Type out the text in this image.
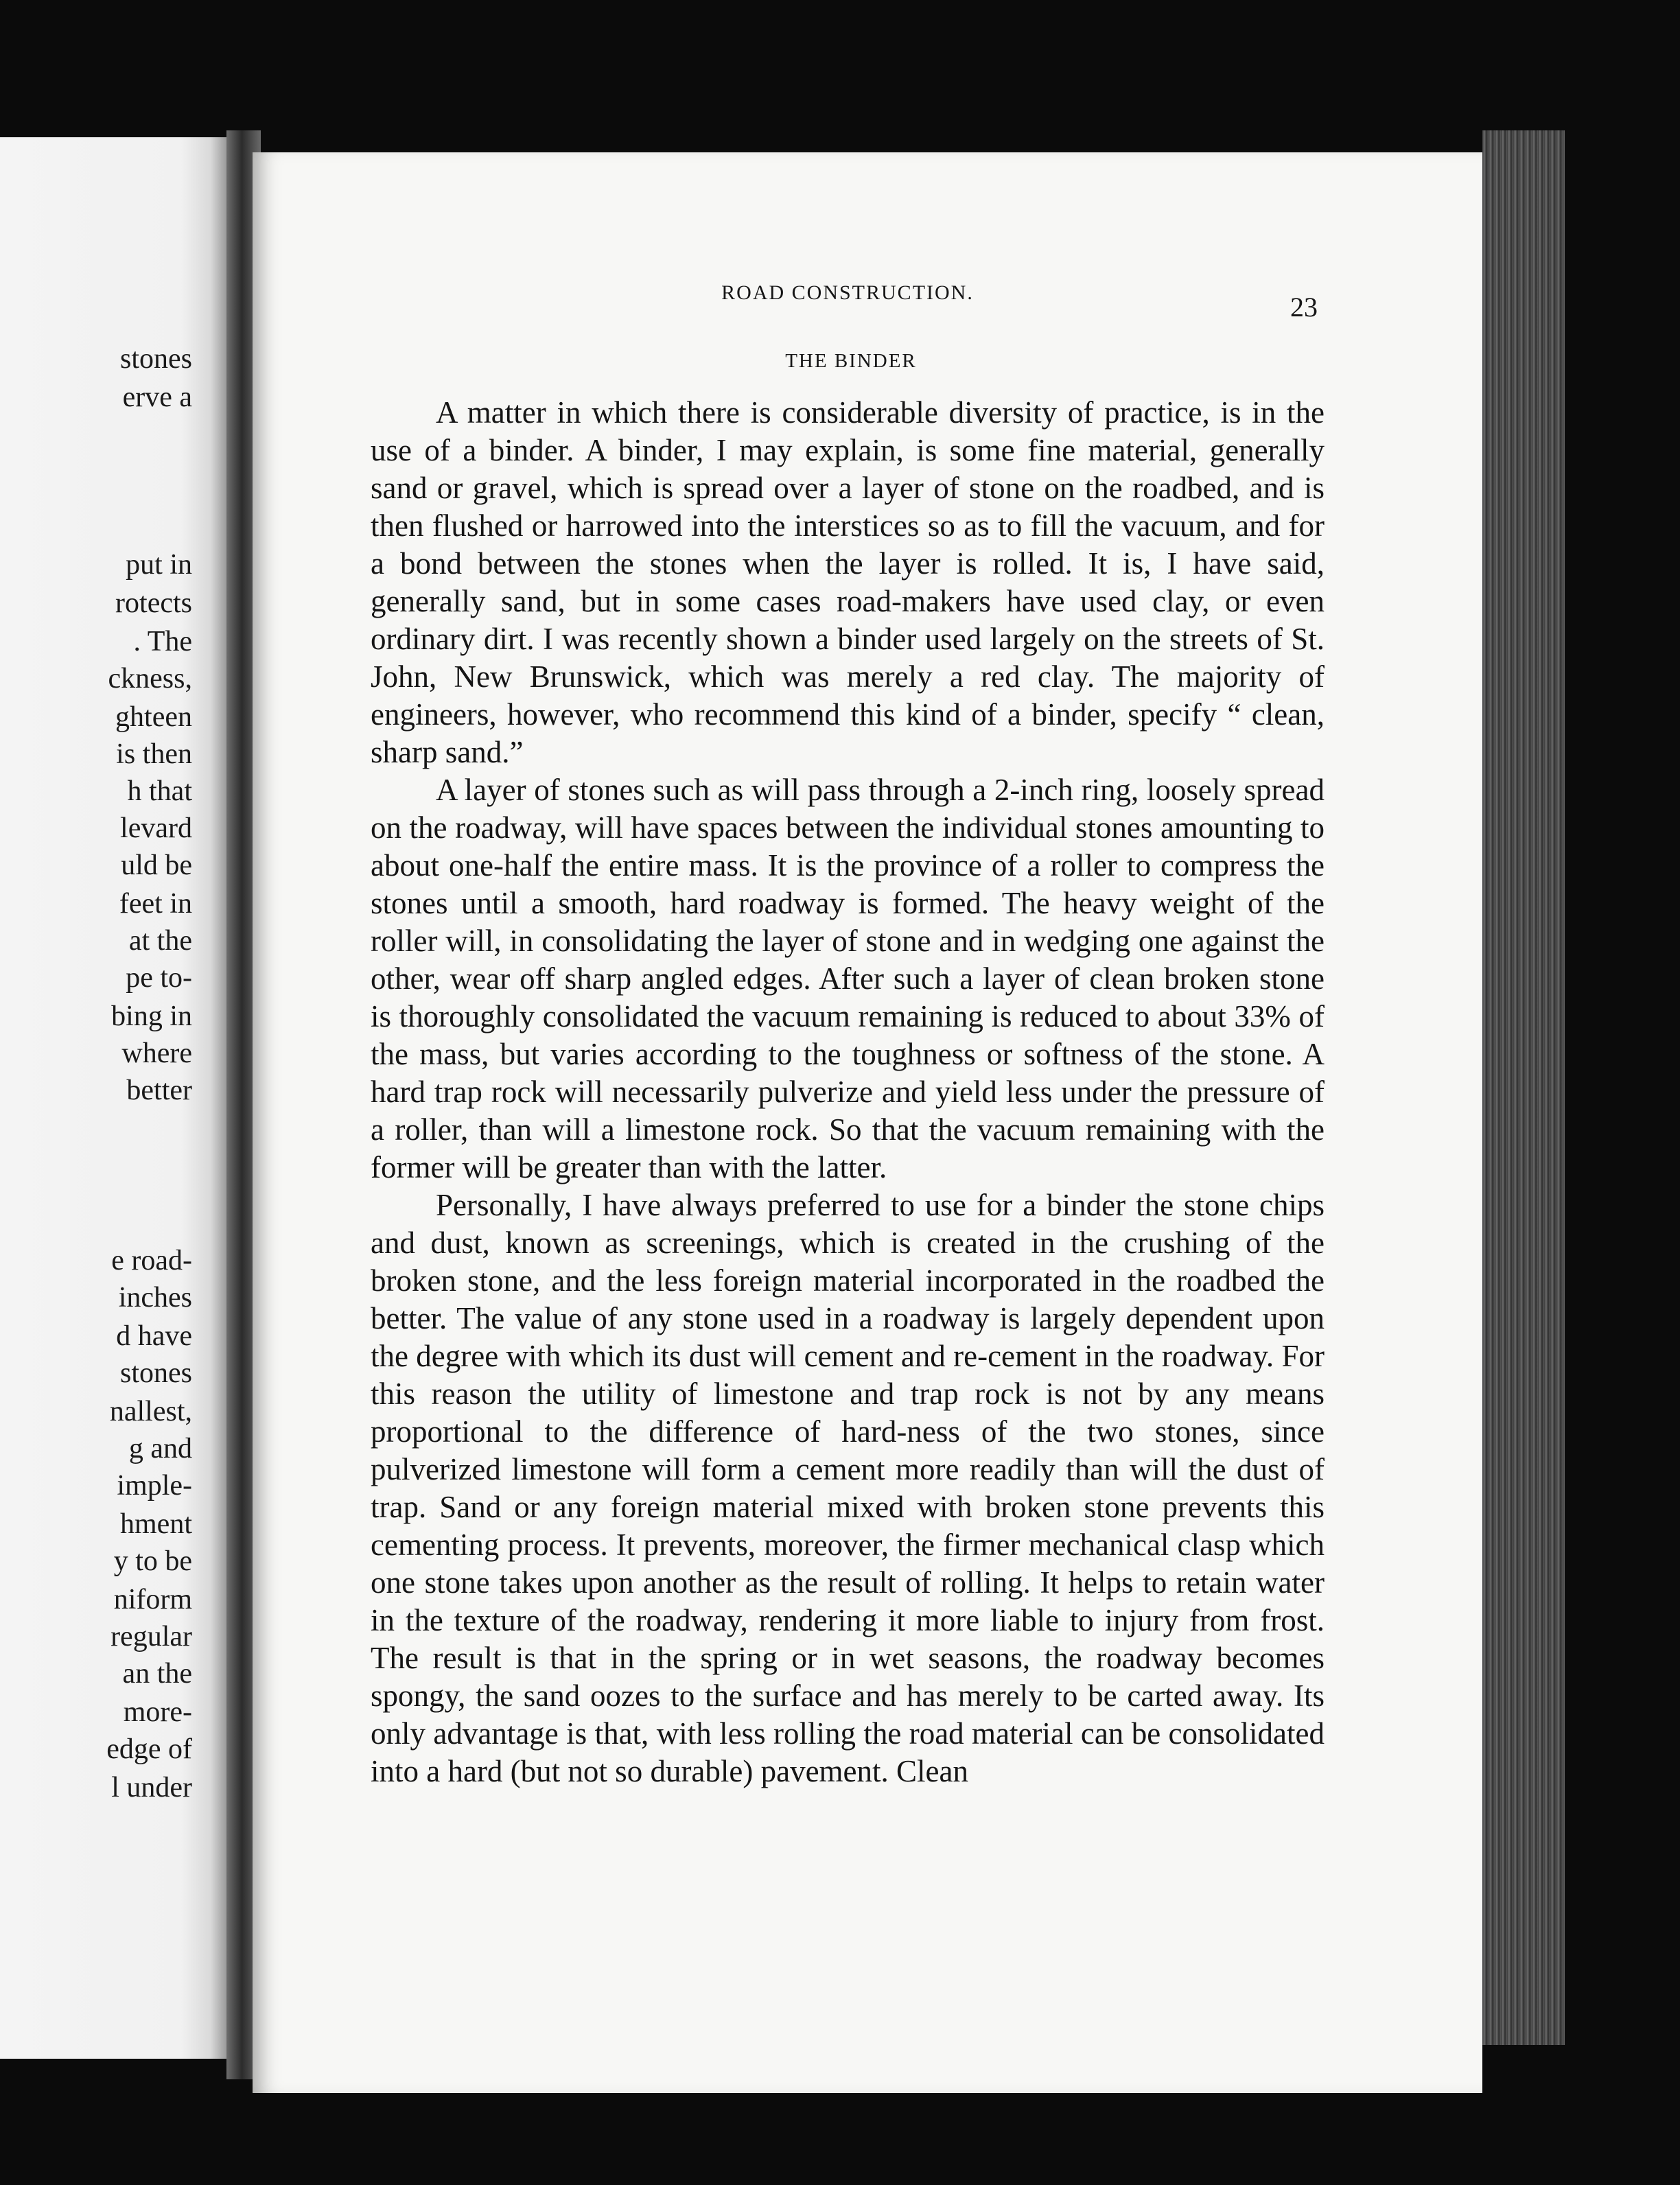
stones
erve a
put in
rotects
. The
ckness,
ghteen
is then
h that
levard
uld be
feet in
at the
pe to-
bing in
where
better
e road-
inches
d have
stones
nallest,
g and
imple-
hment
y to be
niform
regular
an the
more-
edge of
l under
ROAD CONSTRUCTION.	23
THE BINDER

A matter in which there is considerable diversity of practice, is in the use of a binder. A binder, I may explain, is some fine material, generally sand or gravel, which is spread over a layer of stone on the roadbed, and is then flushed or harrowed into the interstices so as to fill the vacuum, and for a bond between the stones when the layer is rolled. It is, I have said, generally sand, but in some cases road-makers have used clay, or even ordinary dirt. I was recently shown a binder used largely on the streets of St. John, New Brunswick, which was merely a red clay. The majority of engineers, however, who recommend this kind of a binder, specify “ clean, sharp sand.”

A layer of stones such as will pass through a 2-inch ring, loosely spread on the roadway, will have spaces between the individual stones amounting to about one-half the entire mass. It is the province of a roller to compress the stones until a smooth, hard roadway is formed. The heavy weight of the roller will, in consolidating the layer of stone and in wedging one against the other, wear off sharp angled edges. After such a layer of clean broken stone is thoroughly consolidated the vacuum remaining is reduced to about 33% of the mass, but varies according to the toughness or softness of the stone. A hard trap rock will necessarily pulverize and yield less under the pressure of a roller, than will a limestone rock. So that the vacuum remaining with the former will be greater than with the latter.

Personally, I have always preferred to use for a binder the stone chips and dust, known as screenings, which is created in the crushing of the broken stone, and the less foreign material incorporated in the roadbed the better. The value of any stone used in a roadway is largely dependent upon the degree with which its dust will cement and re-cement in the roadway. For this reason the utility of limestone and trap rock is not by any means proportional to the difference of hard-ness of the two stones, since pulverized limestone will form a cement more readily than will the dust of trap. Sand or any foreign material mixed with broken stone prevents this cementing process. It prevents, moreover, the firmer mechanical clasp which one stone takes upon another as the result of rolling. It helps to retain water in the texture of the roadway, rendering it more liable to injury from frost. The result is that in the spring or in wet seasons, the roadway becomes spongy, the sand oozes to the surface and has merely to be carted away. Its only advantage is that, with less rolling the road material can be consolidated into a hard (but not so durable) pavement. Clean
